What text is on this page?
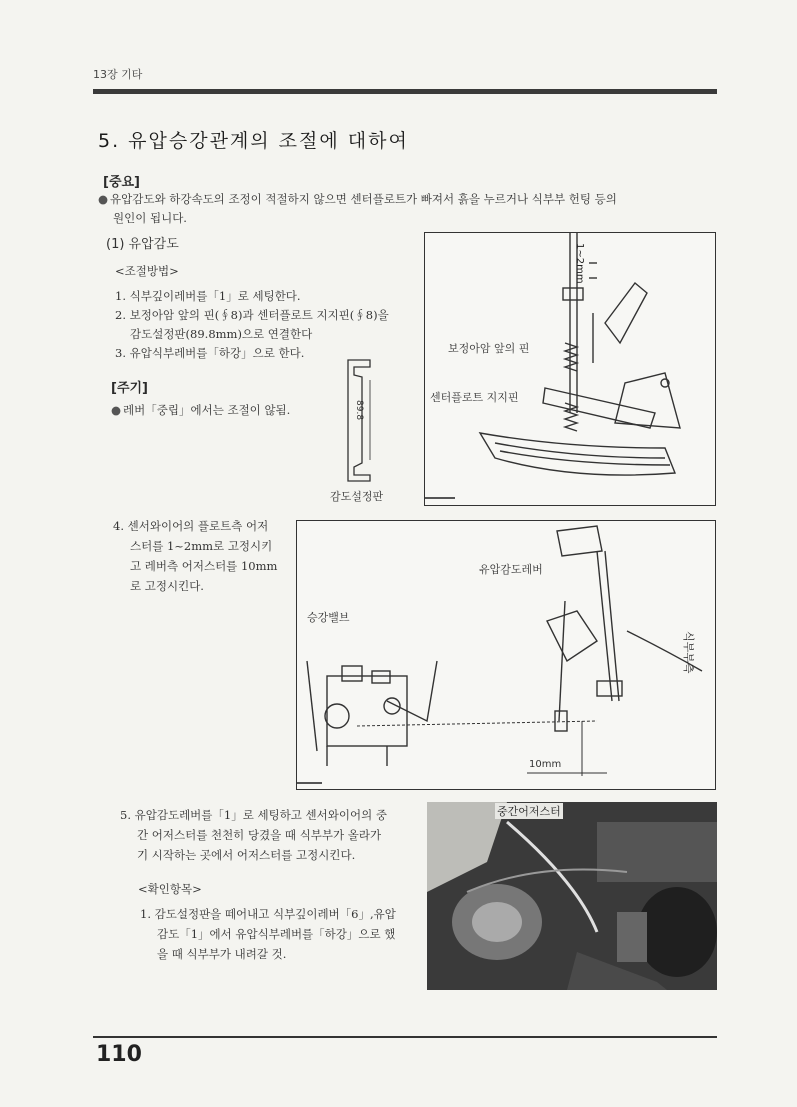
13장 기타
5. 유압승강관계의 조절에 대하여
[중요]
● 유압감도와 하강속도의 조정이 적절하지 않으면 센터플로트가 빠져서 흙을 누르거나 식부부 헌팅 등의
원인이 됩니다.
(1) 유압감도
<조절방법>
1. 식부깊이레버를「1」로 세팅한다.
2. 보정아암 앞의 핀(∮8)과 센터플로트 지지핀(∮8)을
감도설정판(89.8mm)으로 연결한다
3. 유압식부레버를「하강」으로 한다.
[주기]
● 레버「중립」에서는 조절이 않됨.	89.8
감도설정판
1~2mm
보정아암 앞의 핀
센터플로트 지지핀
4. 센서와이어의 플로트측 어저
스터를 1~2mm로 고정시키
고 레버측 어저스터를 10mm
로 고정시킨다.
유압감도레버
승강밸브
식부부측
10mm
5. 유압감도레버를「1」로 세팅하고 센서와이어의 중
간 어저스터를 천천히 당겼을 때 식부부가 올라가
기 시작하는 곳에서 어저스터를 고정시킨다.
<확인항목>
1. 감도설정판을 떼어내고 식부깊이레버「6」,유압
감도「1」에서 유압식부레버를「하강」으로 했
을 때 식부부가 내려갈 것.
중간어저스터
110
